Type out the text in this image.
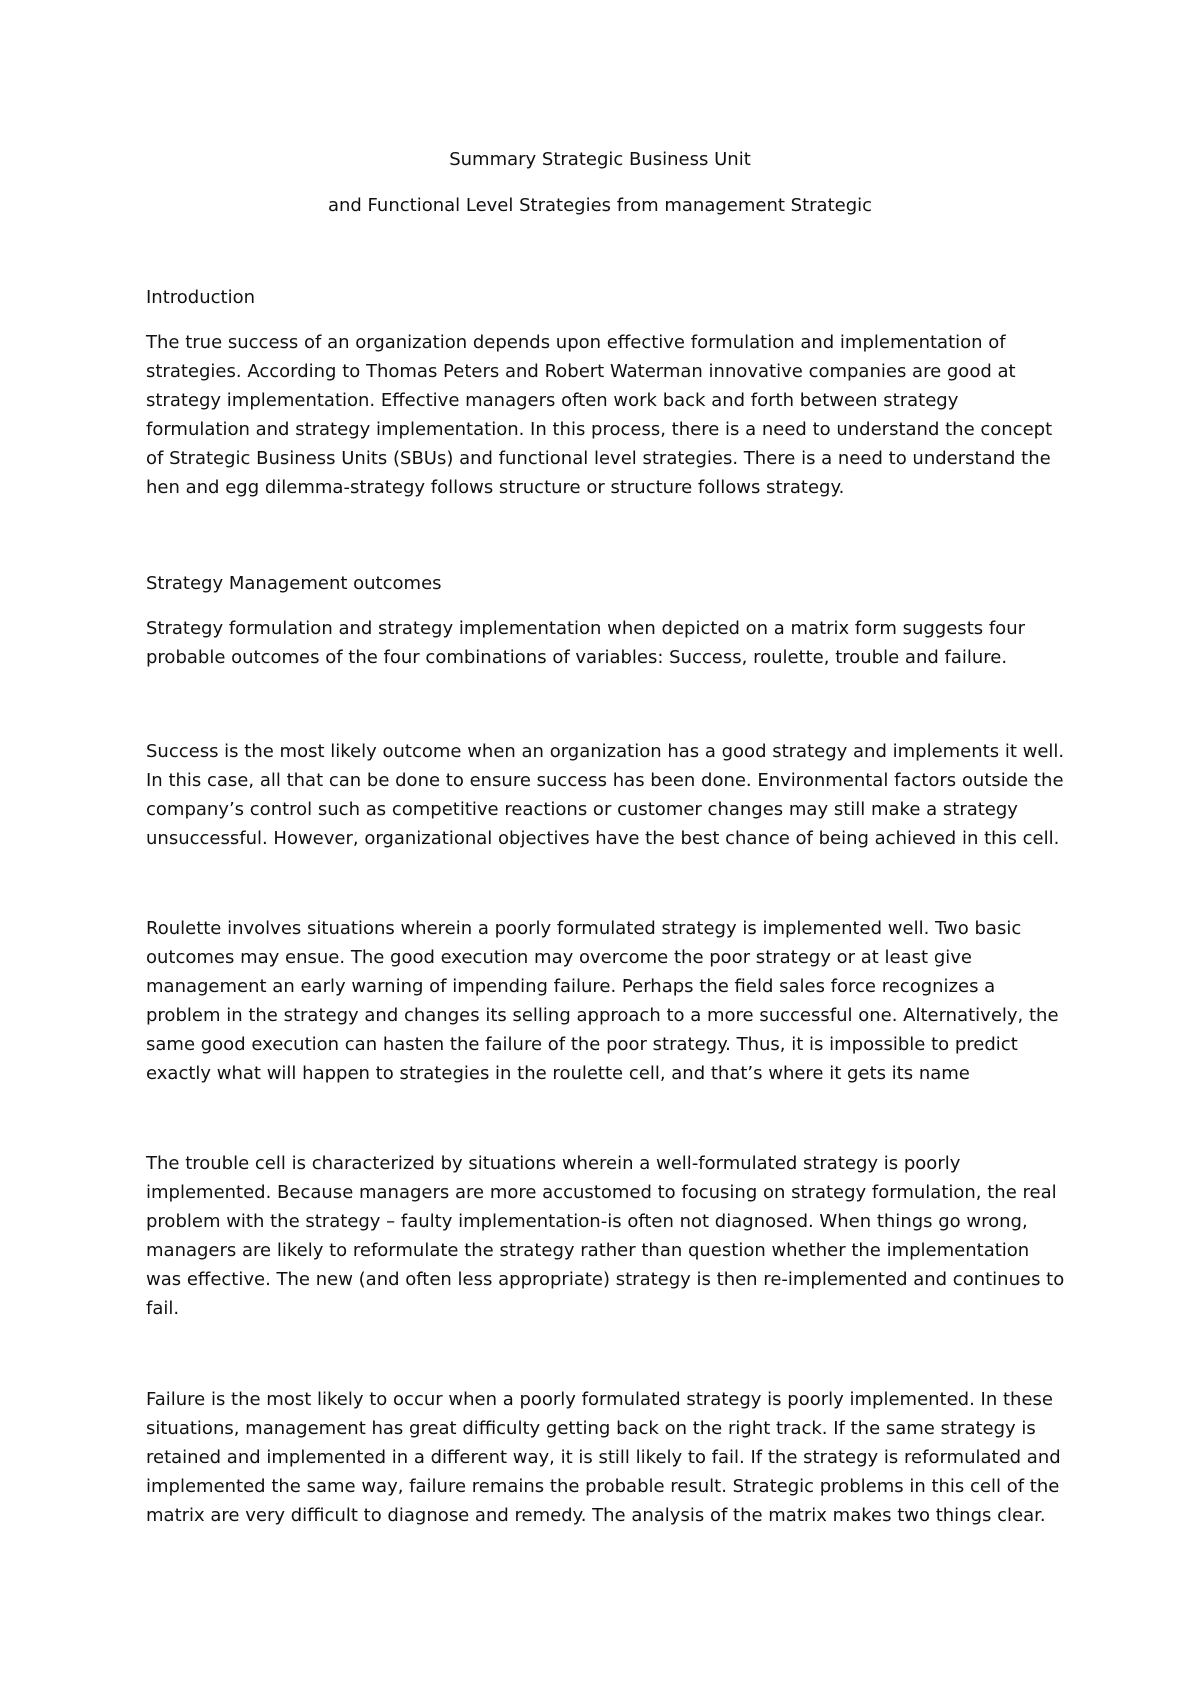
Summary Strategic Business Unit
and Functional Level Strategies from management Strategic
Introduction
The true success of an organization depends upon effective formulation and implementation of
strategies. According to Thomas Peters and Robert Waterman innovative companies are good at
strategy implementation. Effective managers often work back and forth between strategy
formulation and strategy implementation. In this process, there is a need to understand the concept
of Strategic Business Units (SBUs) and functional level strategies. There is a need to understand the
hen and egg dilemma-strategy follows structure or structure follows strategy.
Strategy Management outcomes
Strategy formulation and strategy implementation when depicted on a matrix form suggests four
probable outcomes of the four combinations of variables: Success, roulette, trouble and failure.
Success is the most likely outcome when an organization has a good strategy and implements it well.
In this case, all that can be done to ensure success has been done. Environmental factors outside the
company’s control such as competitive reactions or customer changes may still make a strategy
unsuccessful. However, organizational objectives have the best chance of being achieved in this cell.
Roulette involves situations wherein a poorly formulated strategy is implemented well. Two basic
outcomes may ensue. The good execution may overcome the poor strategy or at least give
management an early warning of impending failure. Perhaps the field sales force recognizes a
problem in the strategy and changes its selling approach to a more successful one. Alternatively, the
same good execution can hasten the failure of the poor strategy. Thus, it is impossible to predict
exactly what will happen to strategies in the roulette cell, and that’s where it gets its name
The trouble cell is characterized by situations wherein a well-formulated strategy is poorly
implemented. Because managers are more accustomed to focusing on strategy formulation, the real
problem with the strategy – faulty implementation-is often not diagnosed. When things go wrong,
managers are likely to reformulate the strategy rather than question whether the implementation
was effective. The new (and often less appropriate) strategy is then re-implemented and continues to
fail.
Failure is the most likely to occur when a poorly formulated strategy is poorly implemented. In these
situations, management has great difficulty getting back on the right track. If the same strategy is
retained and implemented in a different way, it is still likely to fail. If the strategy is reformulated and
implemented the same way, failure remains the probable result. Strategic problems in this cell of the
matrix are very difficult to diagnose and remedy. The analysis of the matrix makes two things clear.
